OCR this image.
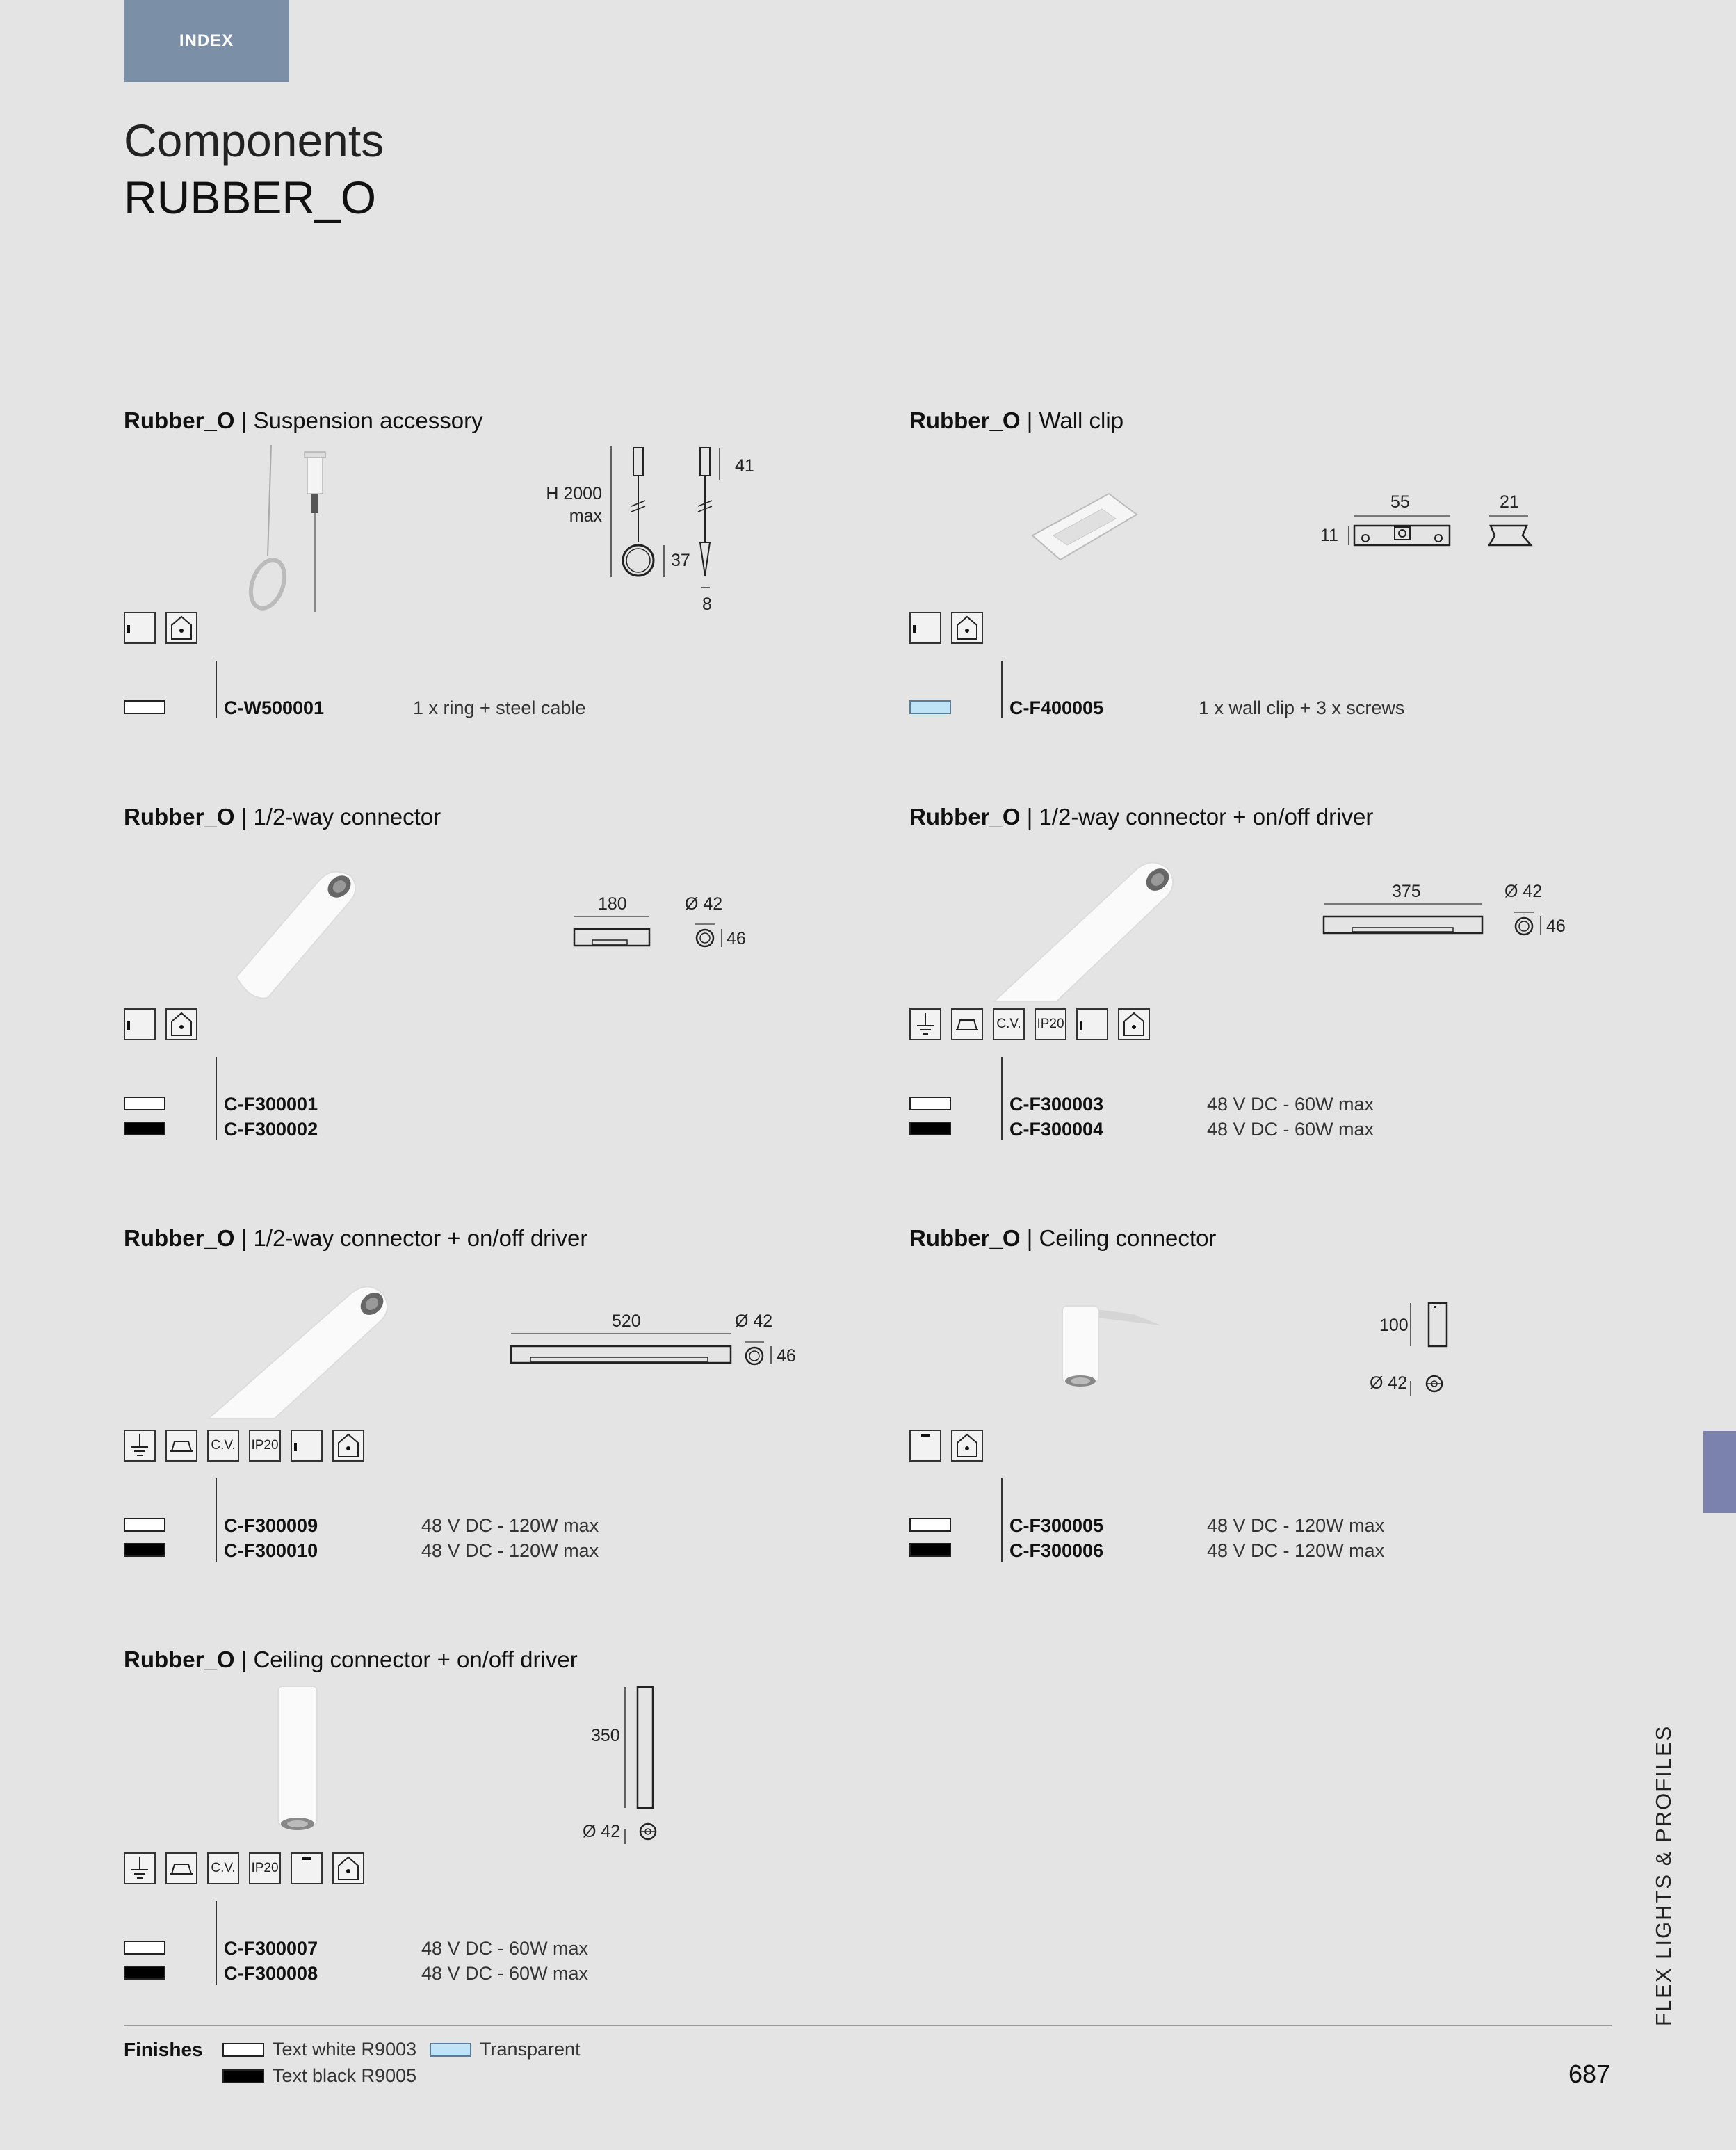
INDEX
Components
RUBBER_O
Rubber_O | Suspension accessory
H 2000
max
41
37
8
C-W500001	1 x ring + steel cable
Rubber_O | Wall clip
55	21
11
C-F400005	1 x wall clip + 3 x screws
Rubber_O | 1/2-way connector
180	Ø 42
46
C-F300001
C-F300002
Rubber_O | 1/2-way connector + on/off driver
375	Ø 42
46
C.V. IP20
C-F300003	48 V DC - 60W max
C-F300004	48 V DC - 60W max
Rubber_O | 1/2-way connector + on/off driver
520	Ø 42
46
C.V. IP20
C-F300009	48 V DC - 120W max
C-F300010	48 V DC - 120W max
Rubber_O | Ceiling connector
100
Ø 42
C-F300005	48 V DC - 120W max
C-F300006	48 V DC - 120W max
Rubber_O | Ceiling connector + on/off driver
350
Ø 42
C.V. IP20
C-F300007	48 V DC - 60W max
C-F300008	48 V DC - 60W max
Finishes	Text white R9003	Transparent
Text black R9005
FLEX LIGHTS & PROFILES
687
